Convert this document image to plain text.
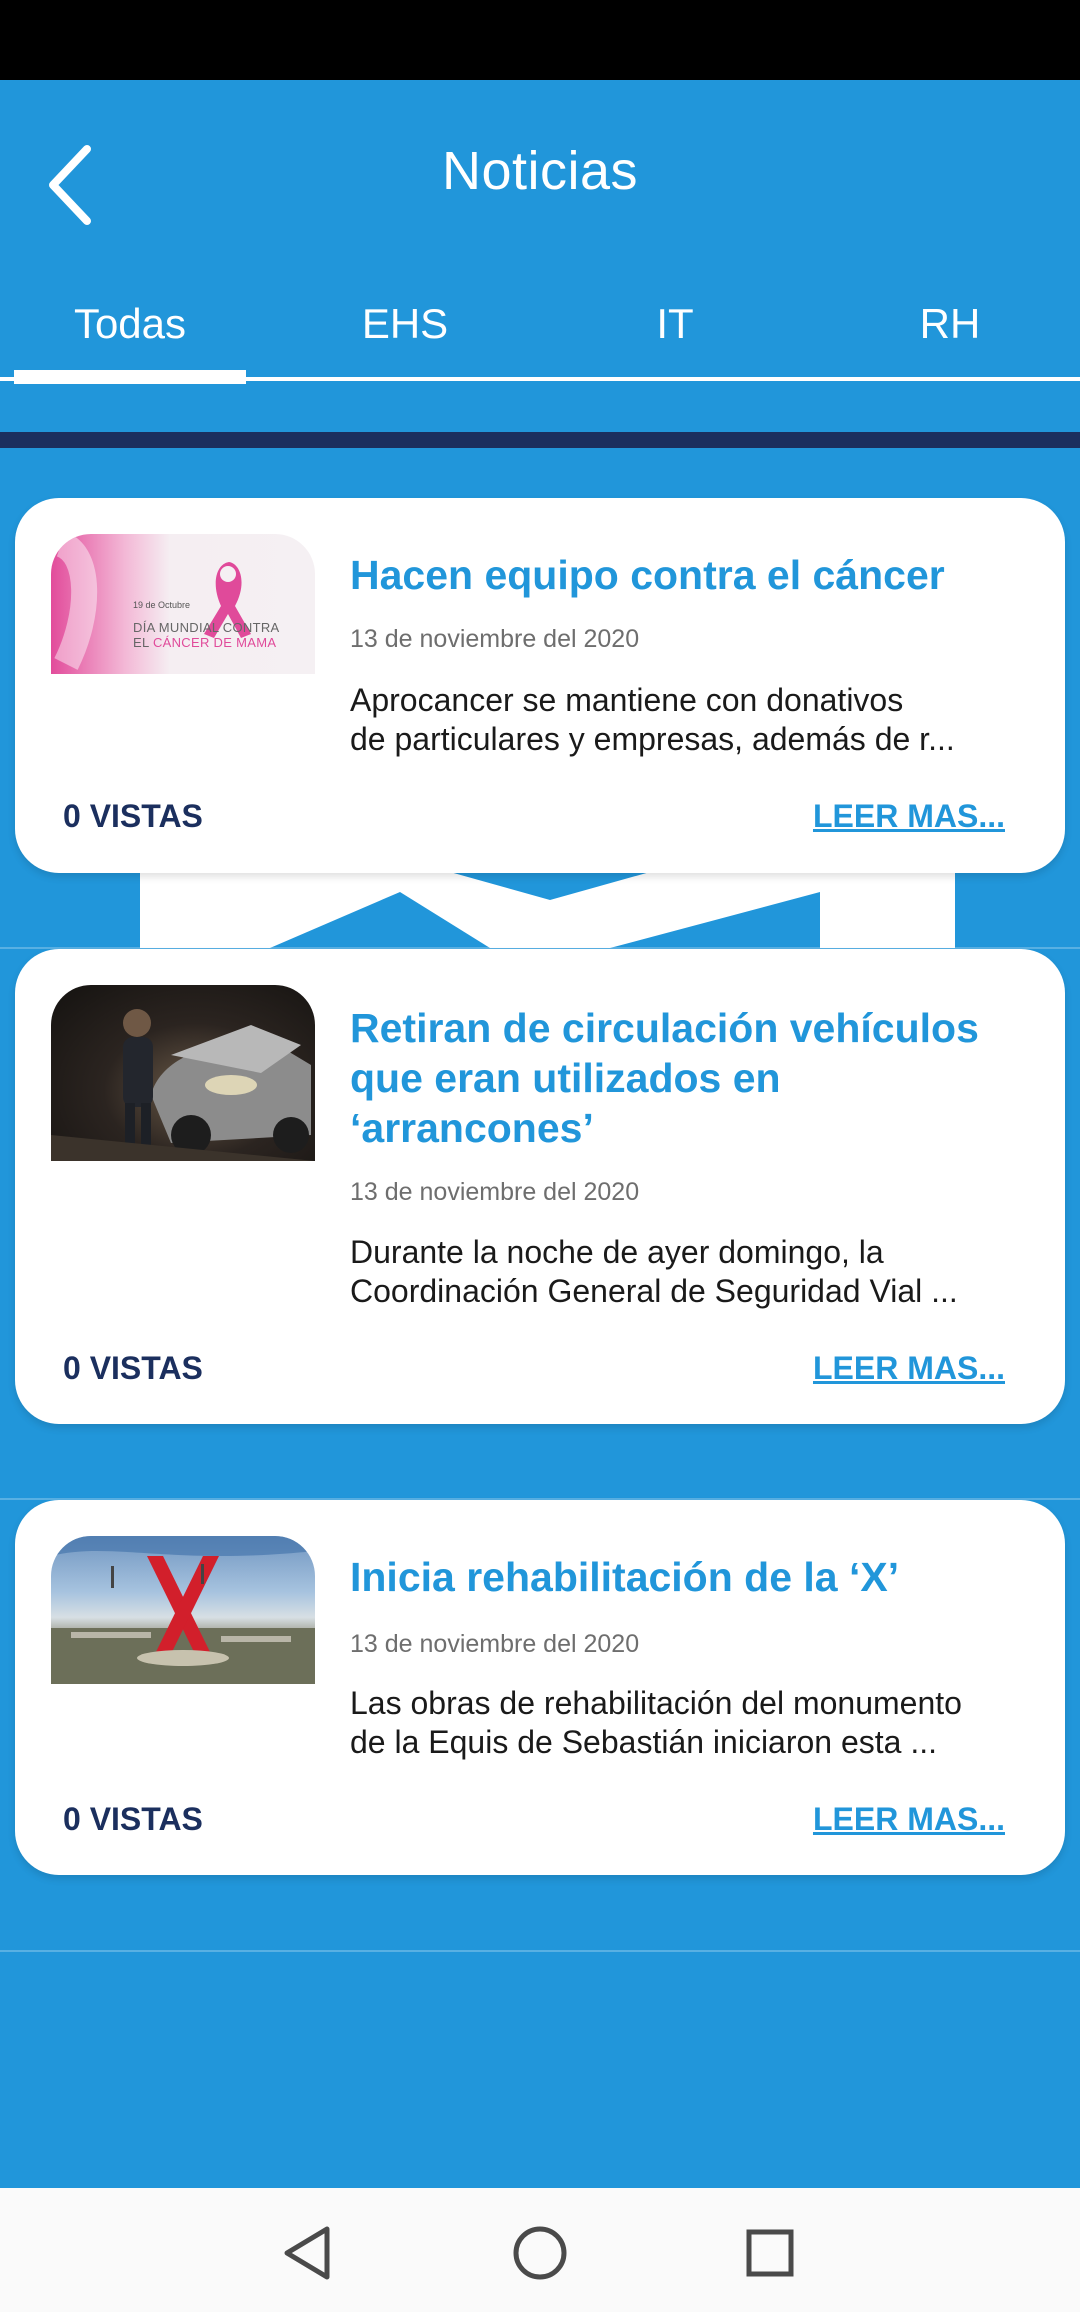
Noticias
Todas	EHS	IT	RH
19 de Octubre
DÍA MUNDIAL CONTRA
EL CÁNCER DE MAMA
Hacen equipo contra el cáncer
13 de noviembre del 2020
Aprocancer se mantiene con donativos
de particulares y empresas, además de r...
0 VISTAS	LEER MAS...
Retiran de circulación vehículos
que eran utilizados en
‘arrancones’
13 de noviembre del 2020
Durante la noche de ayer domingo, la
Coordinación General de Seguridad Vial ...
0 VISTAS	LEER MAS...
Inicia rehabilitación de la ‘X’
13 de noviembre del 2020
Las obras de rehabilitación del monumento
de la Equis de Sebastián iniciaron esta ...
0 VISTAS	LEER MAS...
